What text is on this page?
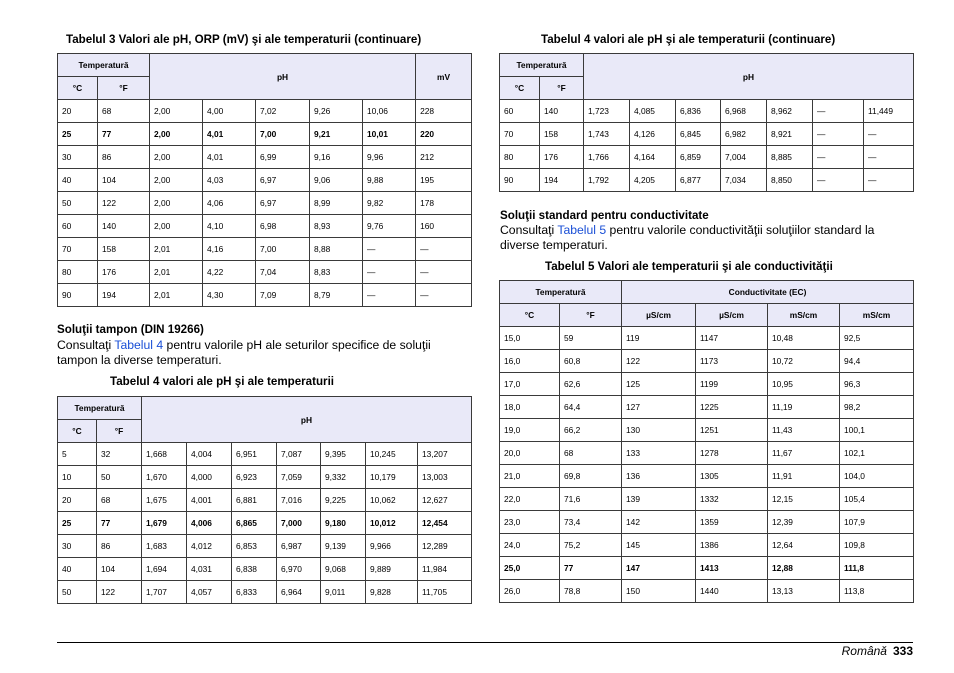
Tabelul 3 Valori ale pH, ORP (mV) şi ale temperaturii (continuare)
Temperatură		pH					mV
°C	°F						
20	68	2,00	4,00	7,02	9,26	10,06	228
25	77	2,00	4,01	7,00	9,21	10,01	220
30	86	2,00	4,01	6,99	9,16	9,96	212
40	104	2,00	4,03	6,97	9,06	9,88	195
50	122	2,00	4,06	6,97	8,99	9,82	178
60	140	2,00	4,10	6,98	8,93	9,76	160
70	158	2,01	4,16	7,00	8,88	—	—
80	176	2,01	4,22	7,04	8,83	—	—
90	194	2,01	4,30	7,09	8,79	—	—
Soluţii tampon (DIN 19266)
Consultaţi Tabelul 4 pentru valorile pH ale seturilor specifice de soluţii tampon la diverse temperaturi.
Tabelul 4 valori ale pH şi ale temperaturii
Temperatură		pH						
°C	°F							
5	32	1,668	4,004	6,951	7,087	9,395	10,245	13,207
10	50	1,670	4,000	6,923	7,059	9,332	10,179	13,003
20	68	1,675	4,001	6,881	7,016	9,225	10,062	12,627
25	77	1,679	4,006	6,865	7,000	9,180	10,012	12,454
30	86	1,683	4,012	6,853	6,987	9,139	9,966	12,289
40	104	1,694	4,031	6,838	6,970	9,068	9,889	11,984
50	122	1,707	4,057	6,833	6,964	9,011	9,828	11,705
Tabelul 4 valori ale pH şi ale temperaturii (continuare)
Temperatură		pH						
°C	°F							
60	140	1,723	4,085	6,836	6,968	8,962	—	11,449
70	158	1,743	4,126	6,845	6,982	8,921	—	—
80	176	1,766	4,164	6,859	7,004	8,885	—	—
90	194	1,792	4,205	6,877	7,034	8,850	—	—
Soluţii standard pentru conductivitate
Consultaţi Tabelul 5 pentru valorile conductivităţii soluţiilor standard la diverse temperaturi.
Tabelul 5 Valori ale temperaturii şi ale conductivităţii
Temperatură		Conductivitate (EC)			
°C	°F	µS/cm	µS/cm	mS/cm	mS/cm
15,0	59	119	1147	10,48	92,5
16,0	60,8	122	1173	10,72	94,4
17,0	62,6	125	1199	10,95	96,3
18,0	64,4	127	1225	11,19	98,2
19,0	66,2	130	1251	11,43	100,1
20,0	68	133	1278	11,67	102,1
21,0	69,8	136	1305	11,91	104,0
22,0	71,6	139	1332	12,15	105,4
23,0	73,4	142	1359	12,39	107,9
24,0	75,2	145	1386	12,64	109,8
25,0	77	147	1413	12,88	111,8
26,0	78,8	150	1440	13,13	113,8
Română 333
